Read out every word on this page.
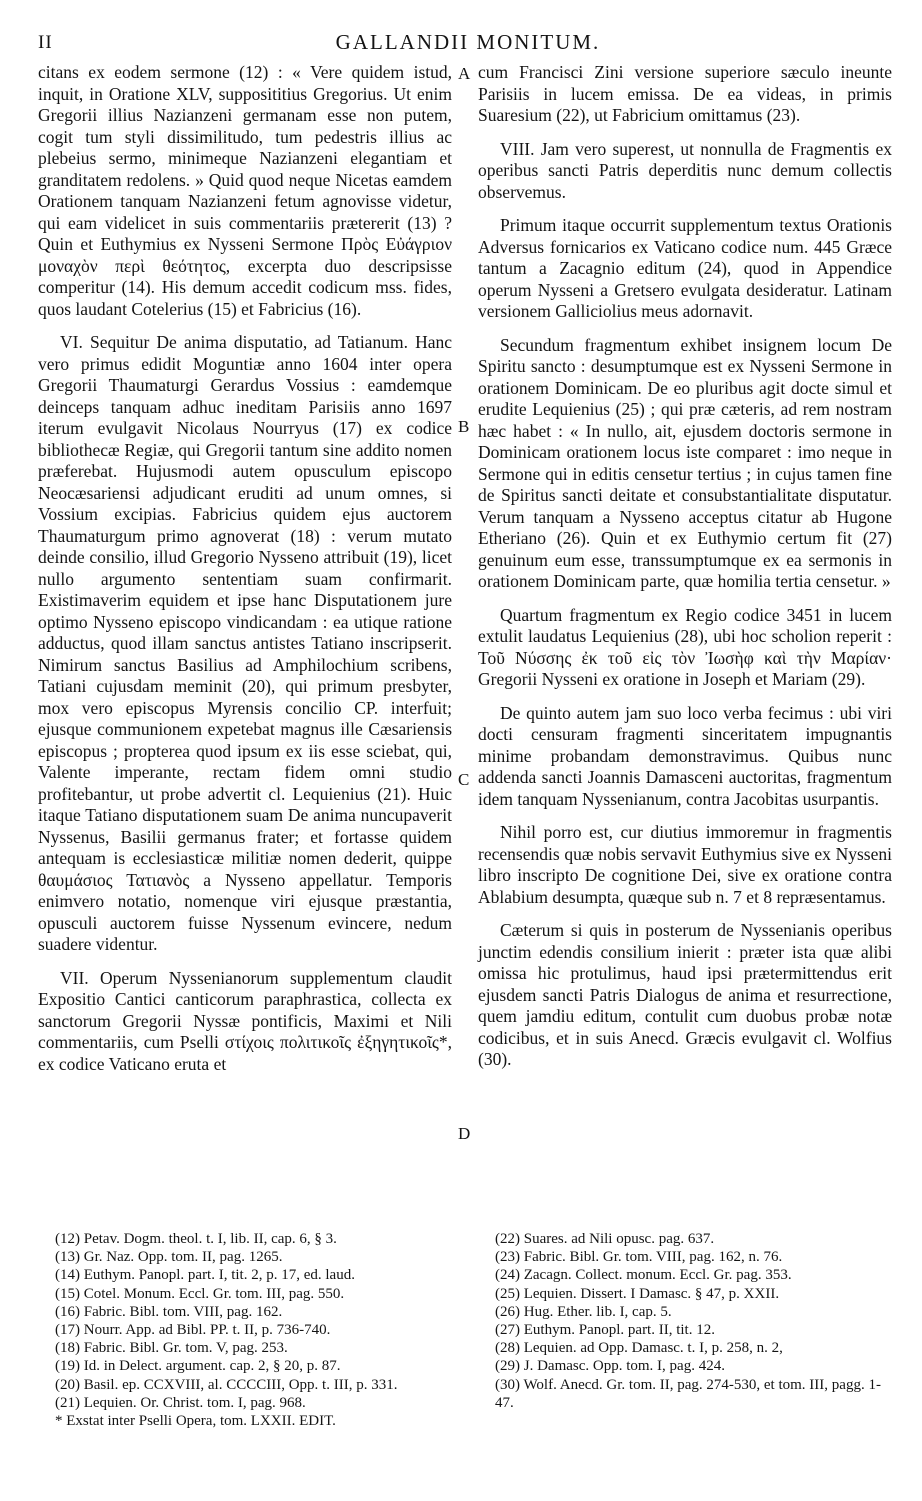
II	GALLANDII MONITUM.
A
B
C
D

citans ex eodem sermone (12) : « Vere quidem istud, inquit, in Oratione XLV, supposititius Gregorius. Ut enim Gregorii illius Nazianzeni germanam esse non putem, cogit tum styli dissimilitudo, tum pedestris illius ac plebeius sermo, minimeque Nazianzeni elegantiam et granditatem redolens. » Quid quod neque Nicetas eamdem Orationem tanquam Nazianzeni fetum agnovisse videtur, qui eam videlicet in suis commentariis prætererit (13) ? Quin et Euthymius ex Nysseni Sermone Πρὸς Εὐάγριον μοναχὸν περὶ θεότητος, excerpta duo descripsisse comperitur (14). His demum accedit codicum mss. fides, quos laudant Cotelerius (15) et Fabricius (16).

VI. Sequitur De anima disputatio, ad Tatianum. Hanc vero primus edidit Moguntiæ anno 1604 inter opera Gregorii Thaumaturgi Gerardus Vossius : eamdemque deinceps tanquam adhuc ineditam Parisiis anno 1697 iterum evulgavit Nicolaus Nourryus (17) ex codice bibliothecæ Regiæ, qui Gregorii tantum sine addito nomen præferebat. Hujusmodi autem opusculum episcopo Neocæsariensi adjudicant eruditi ad unum omnes, si Vossium excipias. Fabricius quidem ejus auctorem Thaumaturgum primo agnoverat (18) : verum mutato deinde consilio, illud Gregorio Nysseno attribuit (19), licet nullo argumento sententiam suam confirmarit. Existimaverim equidem et ipse hanc Disputationem jure optimo Nysseno episcopo vindicandam : ea utique ratione adductus, quod illam sanctus antistes Tatiano inscripserit. Nimirum sanctus Basilius ad Amphilochium scribens, Tatiani cujusdam meminit (20), qui primum presbyter, mox vero episcopus Myrensis concilio CP. interfuit; ejusque communionem expetebat magnus ille Cæsariensis episcopus ; propterea quod ipsum ex iis esse sciebat, qui, Valente imperante, rectam fidem omni studio profitebantur, ut probe advertit cl. Lequienius (21). Huic itaque Tatiano disputationem suam De anima nuncupaverit Nyssenus, Basilii germanus frater; et fortasse quidem antequam is ecclesiasticæ militiæ nomen dederit, quippe θαυμάσιος Τατιανὸς a Nysseno appellatur. Temporis enimvero notatio, nomenque viri ejusque præstantia, opusculi auctorem fuisse Nyssenum evincere, nedum suadere videntur.

VII. Operum Nyssenianorum supplementum claudit Expositio Cantici canticorum paraphrastica, collecta ex sanctorum Gregorii Nyssæ pontificis, Maximi et Nili commentariis, cum Pselli στίχοις πολιτικοῖς ἐξηγητικοῖς*, ex codice Vaticano eruta et

cum Francisci Zini versione superiore sæculo ineunte Parisiis in lucem emissa. De ea videas, in primis Suaresium (22), ut Fabricium omittamus (23).

VIII. Jam vero superest, ut nonnulla de Fragmentis ex operibus sancti Patris deperditis nunc demum collectis observemus.

Primum itaque occurrit supplementum textus Orationis Adversus fornicarios ex Vaticano codice num. 445 Græce tantum a Zacagnio editum (24), quod in Appendice operum Nysseni a Gretsero evulgata desideratur. Latinam versionem Galliciolius meus adornavit.

Secundum fragmentum exhibet insignem locum De Spiritu sancto : desumptumque est ex Nysseni Sermone in orationem Dominicam. De eo pluribus agit docte simul et erudite Lequienius (25) ; qui præ cæteris, ad rem nostram hæc habet : « In nullo, ait, ejusdem doctoris sermone in Dominicam orationem locus iste comparet : imo neque in Sermone qui in editis censetur tertius ; in cujus tamen fine de Spiritus sancti deitate et consubstantialitate disputatur. Verum tanquam a Nysseno acceptus citatur ab Hugone Etheriano (26). Quin et ex Euthymio certum fit (27) genuinum eum esse, transsumptumque ex ea sermonis in orationem Dominicam parte, quæ homilia tertia censetur. »

Quartum fragmentum ex Regio codice 3451 in lucem extulit laudatus Lequienius (28), ubi hoc scholion reperit : Τοῦ Νύσσης ἐκ τοῦ εἰς τὸν Ἰωσὴφ καὶ τὴν Μαρίαν· Gregorii Nysseni ex oratione in Joseph et Mariam (29).

De quinto autem jam suo loco verba fecimus : ubi viri docti censuram fragmenti sinceritatem impugnantis minime probandam demonstravimus. Quibus nunc addenda sancti Joannis Damasceni auctoritas, fragmentum idem tanquam Nyssenianum, contra Jacobitas usurpantis.

Nihil porro est, cur diutius immoremur in fragmentis recensendis quæ nobis servavit Euthymius sive ex Nysseni libro inscripto De cognitione Dei, sive ex oratione contra Ablabium desumpta, quæque sub n. 7 et 8 repræsentamus.

Cæterum si quis in posterum de Nyssenianis operibus junctim edendis consilium inierit : præter ista quæ alibi omissa hic protulimus, haud ipsi prætermittendus erit ejusdem sancti Patris Dialogus de anima et resurrectione, quem jamdiu editum, contulit cum duobus probæ notæ codicibus, et in suis Anecd. Græcis evulgavit cl. Wolfius (30).

(12) Petav. Dogm. theol. t. I, lib. II, cap. 6, § 3.
(13) Gr. Naz. Opp. tom. II, pag. 1265.
(14) Euthym. Panopl. part. I, tit. 2, p. 17, ed. laud.
(15) Cotel. Monum. Eccl. Gr. tom. III, pag. 550.
(16) Fabric. Bibl. tom. VIII, pag. 162.
(17) Nourr. App. ad Bibl. PP. t. II, p. 736-740.
(18) Fabric. Bibl. Gr. tom. V, pag. 253.
(19) Id. in Delect. argument. cap. 2, § 20, p. 87.
(20) Basil. ep. CCXVIII, al. CCCCIII, Opp. t. III, p. 331.
(21) Lequien. Or. Christ. tom. I, pag. 968.
* Exstat inter Pselli Opera, tom. LXXII. EDIT.
(22) Suares. ad Nili opusc. pag. 637.
(23) Fabric. Bibl. Gr. tom. VIII, pag. 162, n. 76.
(24) Zacagn. Collect. monum. Eccl. Gr. pag. 353.
(25) Lequien. Dissert. I Damasc. § 47, p. XXII.
(26) Hug. Ether. lib. I, cap. 5.
(27) Euthym. Panopl. part. II, tit. 12.
(28) Lequien. ad Opp. Damasc. t. I, p. 258, n. 2,
(29) J. Damasc. Opp. tom. I, pag. 424.
(30) Wolf. Anecd. Gr. tom. II, pag. 274-530, et tom. III, pagg. 1-47.
